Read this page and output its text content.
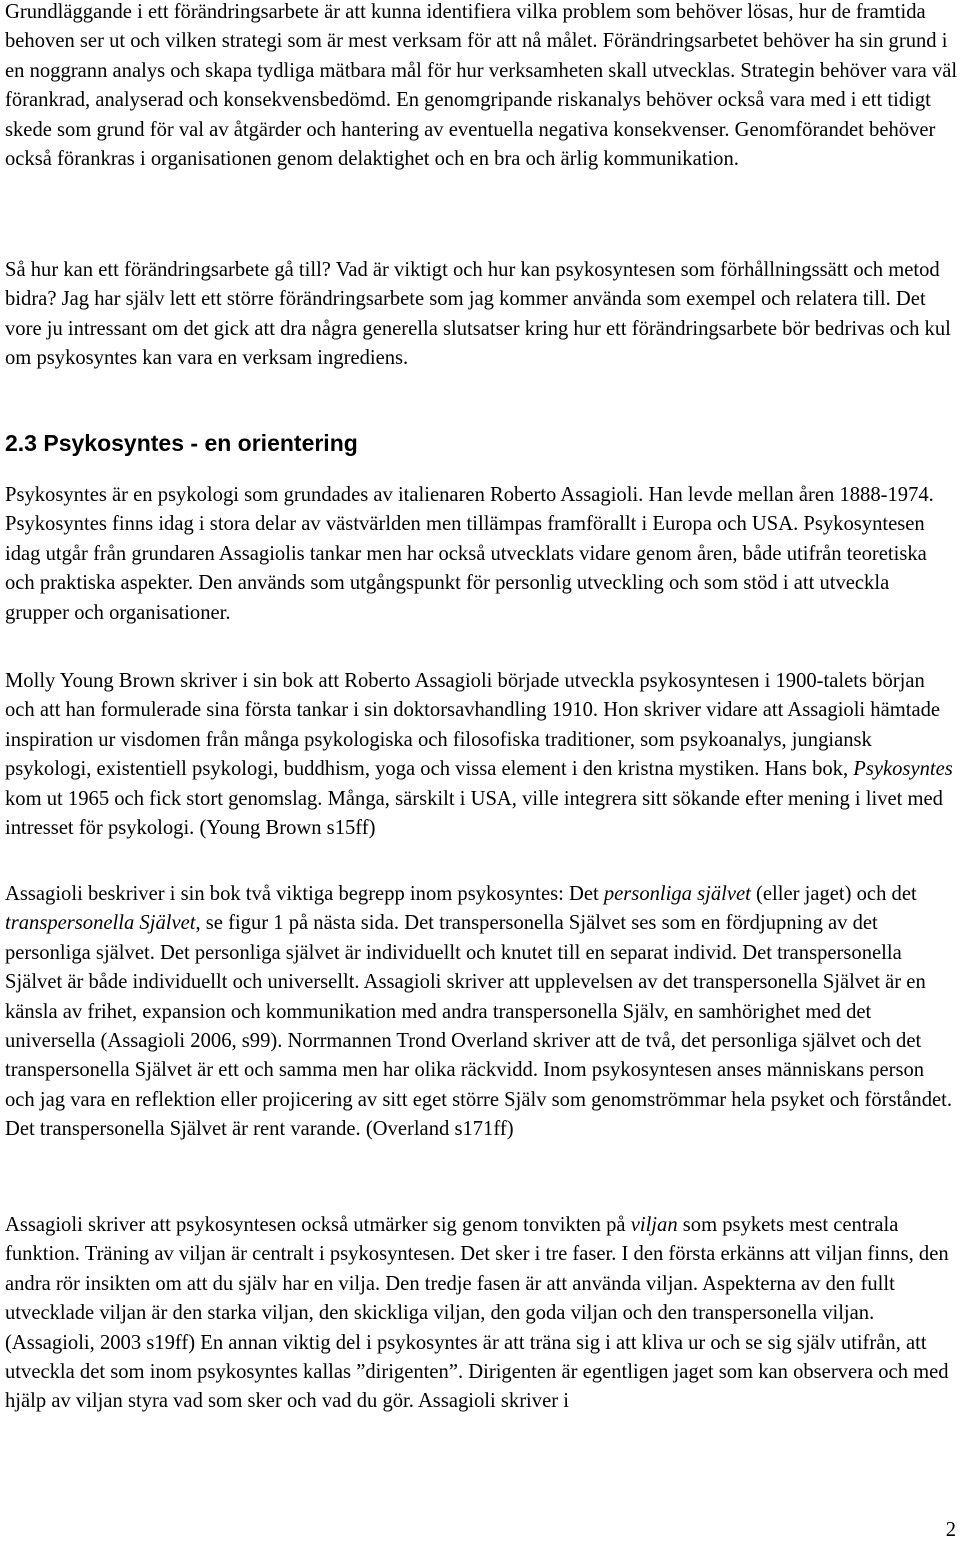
Grundläggande i ett förändringsarbete är att kunna identifiera vilka problem som behöver lösas, hur de framtida behoven ser ut och vilken strategi som är mest verksam för att nå målet. Förändringsarbetet behöver ha sin grund i en noggrann analys och skapa tydliga mätbara mål för hur verksamheten skall utvecklas. Strategin behöver vara väl förankrad, analyserad och konsekvensbedömd. En genomgripande riskanalys behöver också vara med i ett tidigt skede som grund för val av åtgärder och hantering av eventuella negativa konsekvenser. Genomförandet behöver också förankras i organisationen genom delaktighet och en bra och ärlig kommunikation.

Så hur kan ett förändringsarbete gå till? Vad är viktigt och hur kan psykosyntesen som förhållningssätt och metod bidra? Jag har själv lett ett större förändringsarbete som jag kommer använda som exempel och relatera till. Det vore ju intressant om det gick att dra några generella slutsatser kring hur ett förändringsarbete bör bedrivas och kul om psykosyntes kan vara en verksam ingrediens.

2.3 Psykosyntes - en orientering

Psykosyntes är en psykologi som grundades av italienaren Roberto Assagioli. Han levde mellan åren 1888-1974. Psykosyntes finns idag i stora delar av västvärlden men tillämpas framförallt i Europa och USA. Psykosyntesen idag utgår från grundaren Assagiolis tankar men har också utvecklats vidare genom åren, både utifrån teoretiska och praktiska aspekter. Den används som utgångspunkt för personlig utveckling och som stöd i att utveckla grupper och organisationer.

Molly Young Brown skriver i sin bok att Roberto Assagioli började utveckla psykosyntesen i 1900-talets början och att han formulerade sina första tankar i sin doktorsavhandling 1910. Hon skriver vidare att Assagioli hämtade inspiration ur visdomen från många psykologiska och filosofiska traditioner, som psykoanalys, jungiansk psykologi, existentiell psykologi, buddhism, yoga och vissa element i den kristna mystiken. Hans bok, Psykosyntes kom ut 1965 och fick stort genomslag. Många, särskilt i USA, ville integrera sitt sökande efter mening i livet med intresset för psykologi. (Young Brown s15ff)

Assagioli beskriver i sin bok två viktiga begrepp inom psykosyntes: Det personliga självet (eller jaget) och det transpersonella Självet, se figur 1 på nästa sida. Det transpersonella Självet ses som en fördjupning av det personliga självet. Det personliga självet är individuellt och knutet till en separat individ. Det transpersonella Självet är både individuellt och universellt. Assagioli skriver att upplevelsen av det transpersonella Självet är en känsla av frihet, expansion och kommunikation med andra transpersonella Själv, en samhörighet med det universella (Assagioli 2006, s99). Norrmannen Trond Overland skriver att de två, det personliga självet och det transpersonella Självet är ett och samma men har olika räckvidd. Inom psykosyntesen anses människans person och jag vara en reflektion eller projicering av sitt eget större Själv som genomströmmar hela psyket och förståndet. Det transpersonella Självet är rent varande. (Overland s171ff)

Assagioli skriver att psykosyntesen också utmärker sig genom tonvikten på viljan som psykets mest centrala funktion. Träning av viljan är centralt i psykosyntesen. Det sker i tre faser. I den första erkänns att viljan finns, den andra rör insikten om att du själv har en vilja. Den tredje fasen är att använda viljan. Aspekterna av den fullt utvecklade viljan är den starka viljan, den skickliga viljan, den goda viljan och den transpersonella viljan. (Assagioli, 2003 s19ff) En annan viktig del i psykosyntes är att träna sig i att kliva ur och se sig själv utifrån, att utveckla det som inom psykosyntes kallas ”dirigenten”. Dirigenten är egentligen jaget som kan observera och med hjälp av viljan styra vad som sker och vad du gör. Assagioli skriver i

2
